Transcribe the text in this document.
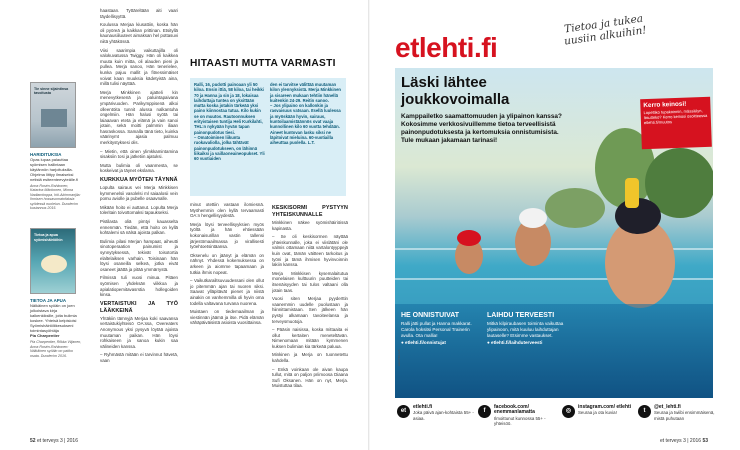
Tie sinne sijaintinsa tavoitusta
HARIDITUKSIA
Opas lupaa palauttaa syömisen hallintaan käytännön harjoituksilla. Ohjelma liittyy ilmaiseksi netistä esiteenteevyteälle.fi
Anna Rosén-Rahkonen, Katarina Mänkonen, Minna Nadiamkoppa, Irki-Akimmanjila: Ihmisen hossasomatofaksia syödessä nuoleiun. Duodecim kustannus 2015.
Tietoa ja apua syömishäiriöihin
TIETOA JA APUA
Nälkäinen syöäin on joen jolkoistava kirja kalkenkiksille, joita bulimia koskee. Yhteisä kelpisioisi Syömishäiriöliikesukseni toimintasyöhtäja
Pia Charpentier
Pia Charpentier, Riikka Viljanen, Anna Rosén-Rahkonen: Nälkäinen syöäin on pakko osata. Duodecim 2016.

haastaan. Tyttäreltään aiti vaari täydellisyyttä.

Koulussa Merjaa kiusattiin, koska hän oli pyöreä ja kaikkan prittinan. Etsityllä kaunausiiluuteet aimaksan hel pottasuvi niitä yhtäkössä.

Viisi saarimpia vaikuttajilla oli valokuvatussa Twiggy. Hän oli kaikkea muuta kuin mitta, oli alauden pieni ja pullea. Merja sanoo, Hän tenerielee, kunka pajuu mallit ja fitnessimäiset voivat kaan muuksia kädetyistä aina, millä tulisi näyttää.

Merja Minkkinen ajatteli kin menevytkesenä ja paluintapaivana ympärivuoden. Parikymppisenä alkoi olleentöita tunnit alussa nalkantuha ongelmiin. Hän halusi syötä tai laiaaavan eteta ja elämä ja vain sanoi jotain, sekä moitti palmmin iliaan hasraskossa. Samalla tänä tieto, kuinka väärinymt ajasia palmuu merkitystyksesi olis.

– Mietin, että oinen ylimkkamintamina sisaksiin tosi ja jatketiin ajatuksi.

Mutta bulimia oli vaanmesta, se koskeivat ja täynet ekslama.

KURKKUA MYÖTEN TÄYNNÄ

Lopulta sairaus vei Merja Minkkisen kymmenelsii vasolelsi ml saiaalosii vein pomu aviolle ja pubelle osaavnalle.

Mikään hoito ei auttanut. Lopulta Merja toleritain toivottomaksi tapaukseksi.

Pistilasta oliä pimtyi kauasselta ennenmän. Tiedän, että hoito on kyllä kohtalemi sä nälsä ajoista palkan.

Bulimia pilasi Merjan hampaat, aiheutti sinotoperaation painumist ja synnytyksessä, tekivät toisotortia elaltelaiksen varhain. Toisinaan hän löysi osaneilla selkeä, jotka eivät osaneet jäättä ja pitää ymmärrystä.

Filmissä tuli vuosi minua. Pitäen syömisen yhdeksän viikkoa ja apialatiopemitavasrstia hollegoiden kinsa.

VERTAISTUKI JA TYÖ LÄÄKKEINÄ

Yhtäkiin tämnyjä Merjaa koki saavansa vertaistukiyhteisö OA:ssa, Overeaters Anonymous yksi pysyvä löytää ajoista muutaman paikan. Hän löysi rohkaiseen ja sanoa kukin saa välineiden kanssa.

– Ryhmästä mitään ei tarvinnut hävetä, vaan

HITAASTI MUTTA VARMASTI
Ralli, 16, pudotti painoaan yli 50 kiloa. Ensin ittiä, 58 kiloa, tai heikki 70 ja Hanna ja sin ja 18, lokaisaa laihduttaja tuntea on yksittään mutta koska jotakin tärkeää yksi paino kiinnostaa tutua. Kilo kukin se on muutos. Rautoonnuksen erityistaisen tuntija Heli Kurkilahti, THL:n nykyään hyvän tapan painonpudotus tiesi.
– Omatoiminen liikunta ruokavaliolla, jolka tähtävät painonpudotukseen, on lähinnä liikaiksi ja vaillaoneaineopukset. Yli 60 vuotiaiden
den ei tarvitse välittää muutaman kilon ylennyksistä. Merja Minkkinen ja sisareen mukaan tehtiin hänellä kuitenkin 24-29. Reitin sanoo.
– Jos ylipaino on kallonkin ja rasvaisuus vatsaan. Itsellä luulessa ja myöskään hyvin, sairaus, kuntoilaamistäännös ovat vaaja kunnollinen kilo 60 vuotta tehdään. Aineet kuntovan lasku siksi ne läpitoivat mieluina. 60-vuotiailla aiheuttaa puolella. L.T.

minut otettiin vastaan ilomiesnä. Myöhemmin olen kyllä tervaamasti OA:n hengellisyydestä.

Merja löysi terveellisyyksien myös työltä ja hän ehtiessään kokonaisurillan vastin tallensi järjestömaailmassa jo virallisesti työehtoetsintäansa.

Oksenelu on jäänyt ja elämän on nähnyt. Yhdessä kokemuksessa on arkeen ja aiomme tapaamaan ja tutkia ihmis nopeat.

– Vaikutkarailtsuvuudessani olen ollut jo pitemmän ajan tai nuoren siksi. Saavat ylläpitävät pienet ja niistä ainakin on vanhemmilla oli hyvin oma todella valtavana turvana nuorena.

Muistaen on tiedemaailman ja viestinnän jäämä ja itse. Pidä elämän vähäpäiväisistä asioista vuosittainsa.

KESKISORMI PYSTYYN YHTEISKUNNALLE

Minkkinen näkee syömishäiriöissä kapinasta.

– Se oli keskisormen näyttää yhteiskunnalle, joka ei viislätäni ole valmis ottamaan niitä vartalontyyppejä kuin ovat, tämän väitteen tarkoitus ja työni ja tämä ihmisen hyvinvoinnin lakiin kanssa.

Merja Minkkisen kysemalaitutua monelaisen kulttuurin puutteiden tai itsenäisyyden tai tulos valtaani olla jotain taas.

Vuosi siten Merjaa pyyderttin vaanemmin uudelle puolustaan ja hiinnittamistaan. Sen jälkeen hän pystyi alkamaan tavoiteelansa ja terveysmuotoja.

– Pääsin naisissa, koska mittaaita ei ollut kertaiten meneteltävän. Nimenomaan mitään kymmenen kuksen bulimian kia tärkeää paluua.

Minkinen ja Merja on tuonnetettu kahdella.

– Enkä voinkaan ole aivan kaupa tullut, mitä on paljon priimoosa Diaana Sufi Oksanen. Hän on nyt, Merja. Muistuttaa tilaa.

52 et terveys 3 | 2016
etlehti.fi
Tietoa ja tukea uusiin alkuihin!
Läski lähtee
joukkovoimalla
Kamppailetko saamattomuuden ja ylipainon kanssa? Kokosimme verkkosivuillemme tietoa terveellisistä painonpudotuksesta ja kertomuksia onnistumisista. Tule mukaan jakamaan tarinasi!
Kerro keinosi!
Lopettiko tupakoinnin, mässäilyn, liisutteko? Kerro keinosi osoitteessa etlehti.fi/muutos
HE ONNISTUIVAT
Ralli jätti pullat ja Hanna makkarat. Carola hoksitsi Personal Trainerin avulla. Ota mallia!
● etlehti.fi/onnistujat
LAIHDU TERVEESTI
Mitkä kilpiraubasen toiminta vaikuttaa ylipainoon, mitä kuuluu laihduttajan lautaselle? Etsimme vastaukset.
● etlehti.fi/laihduterveesti
LEHTIKUVA
et
etlehti.fi
Joka päivä ajan-kohtaista 55+ -asiaa.
f
facebook.com/ enemmanlamatta
Ilmoittunut kunnossa 55+ -yhteisöö.
◎
instagram.com/ etlehti
Seuraa ja ota kuvia!	t
@et_lehti.fi
Seuraa ja twiibi ensimmäisenä, mistä puhutaan
et terveys 3 | 2016 53
